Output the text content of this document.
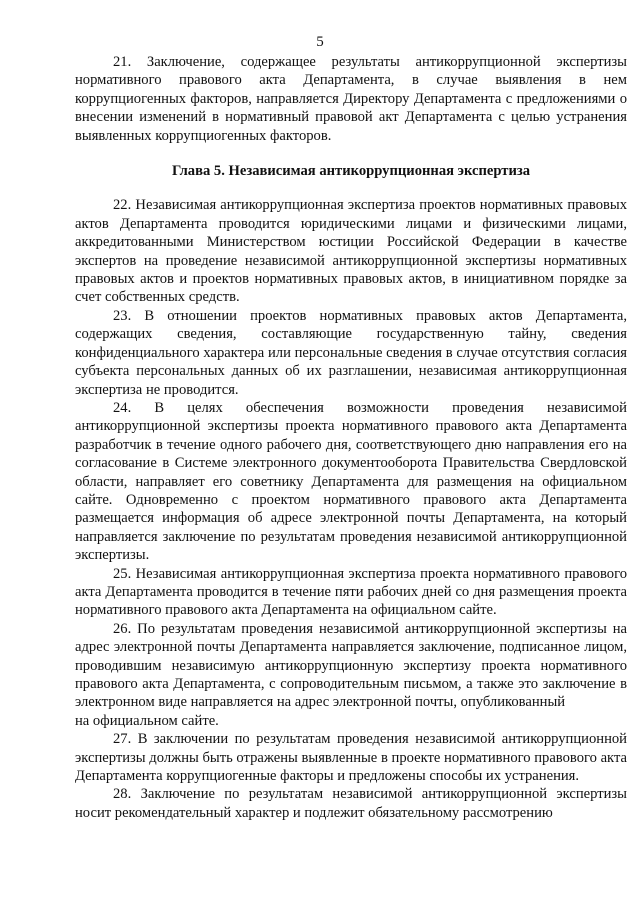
5

21. Заключение, содержащее результаты антикоррупционной экспертизы нормативного правового акта Департамента, в случае выявления в нем коррупциогенных факторов, направляется Директору Департамента с предложениями о внесении изменений в нормативный правовой акт Департамента с целью устранения выявленных коррупциогенных факторов.

Глава 5. Независимая антикоррупционная экспертиза

22. Независимая антикоррупционная экспертиза проектов нормативных правовых актов Департамента проводится юридическими лицами и физическими лицами, аккредитованными Министерством юстиции Российской Федерации в качестве экспертов на проведение независимой антикоррупционной экспертизы нормативных правовых актов и проектов нормативных правовых актов, в инициативном порядке за счет собственных средств.

23. В отношении проектов нормативных правовых актов Департамента, содержащих сведения, составляющие государственную тайну, сведения конфиденциального характера или персональные сведения в случае отсутствия согласия субъекта персональных данных об их разглашении, независимая антикоррупционная экспертиза не проводится.

24. В целях обеспечения возможности проведения независимой антикоррупционной экспертизы проекта нормативного правового акта Департамента разработчик в течение одного рабочего дня, соответствующего дню направления его на согласование в Системе электронного документооборота Правительства Свердловской области, направляет его советнику Департамента для размещения на официальном сайте. Одновременно с проектом нормативного правового акта Департамента размещается информация об адресе электронной почты Департамента, на который направляется заключение по результатам проведения независимой антикоррупционной экспертизы.

25. Независимая антикоррупционная экспертиза проекта нормативного правового акта Департамента проводится в течение пяти рабочих дней со дня размещения проекта нормативного правового акта Департамента на официальном сайте.

26. По результатам проведения независимой антикоррупционной экспертизы на адрес электронной почты Департамента направляется заключение, подписанное лицом, проводившим независимую антикоррупционную экспертизу проекта нормативного правового акта Департамента, с сопроводительным письмом, а также это заключение в электронном виде направляется на адрес электронной почты, опубликованный

на официальном сайте.

27. В заключении по результатам проведения независимой антикоррупционной экспертизы должны быть отражены выявленные в проекте нормативного правового акта Департамента коррупциогенные факторы и предложены способы их устранения.

28. Заключение по результатам независимой антикоррупционной экспертизы носит рекомендательный характер и подлежит обязательному рассмотрению
